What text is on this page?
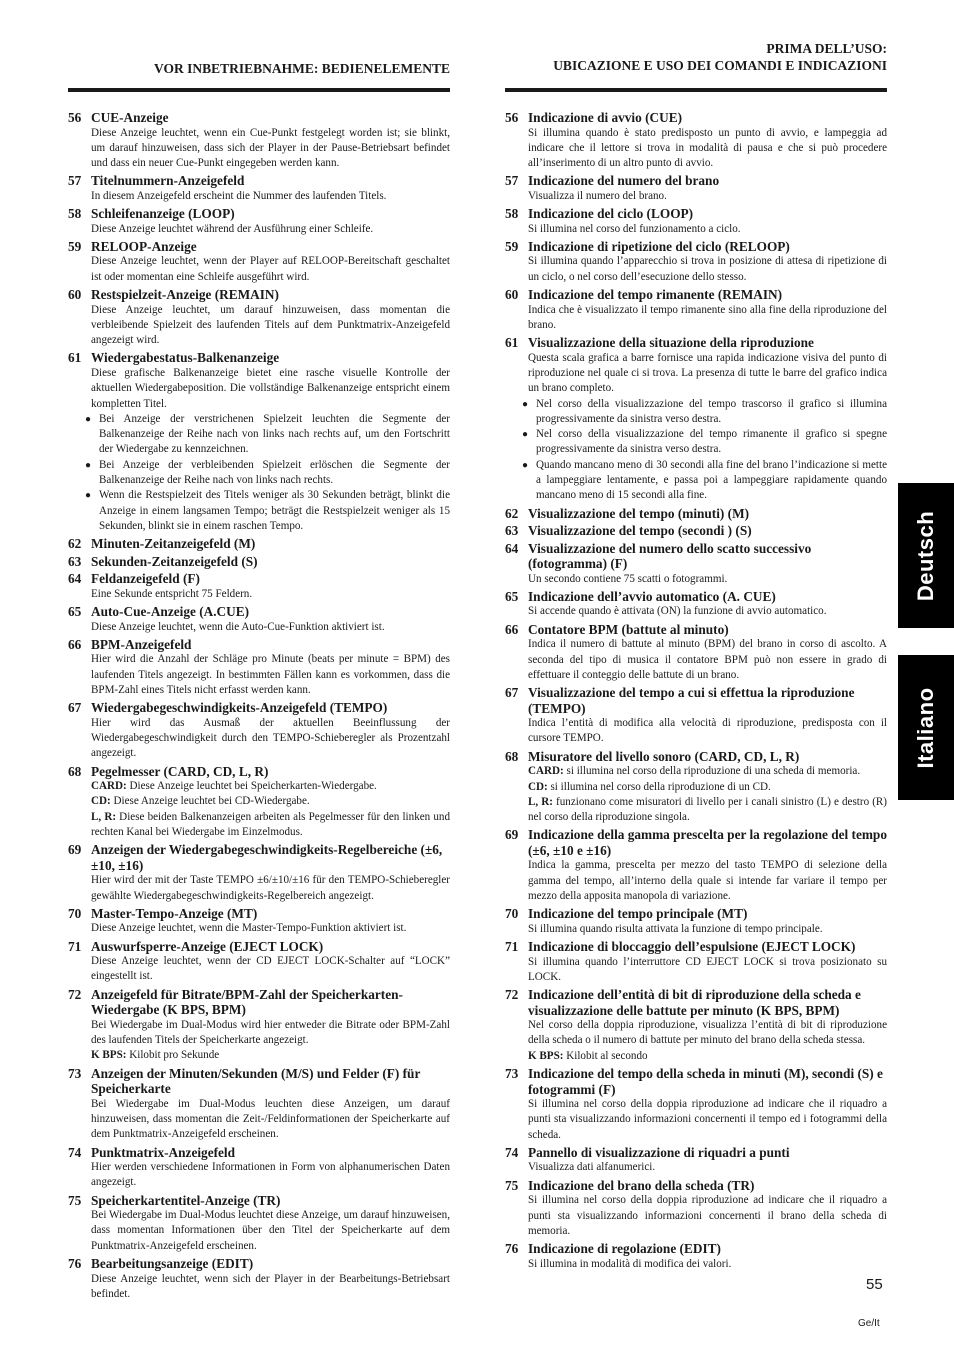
VOR INBETRIEBNAHME: BEDIENELEMENTE
PRIMA DELL’USO:
UBICAZIONE E USO DEI COMANDI E INDICAZIONI
56 CUE-Anzeige
Diese Anzeige leuchtet, wenn ein Cue-Punkt festgelegt worden ist; sie blinkt, um darauf hinzuweisen, dass sich der Player in der Pause-Betriebsart befindet und dass ein neuer Cue-Punkt eingegeben werden kann.
57 Titelnummern-Anzeigefeld
In diesem Anzeigefeld erscheint die Nummer des laufenden Titels.
58 Schleifenanzeige (LOOP)
Diese Anzeige leuchtet während der Ausführung einer Schleife.
59 RELOOP-Anzeige
Diese Anzeige leuchtet, wenn der Player auf RELOOP-Bereitschaft geschaltet ist oder momentan eine Schleife ausgeführt wird.
60 Restspielzeit-Anzeige (REMAIN)
Diese Anzeige leuchtet, um darauf hinzuweisen, dass momentan die verbleibende Spielzeit des laufenden Titels auf dem Punktmatrix-Anzeigefeld angezeigt wird.
61 Wiedergabestatus-Balkenanzeige
Diese grafische Balkenanzeige bietet eine rasche visuelle Kontrolle der aktuellen Wiedergabeposition. Die vollständige Balkenanzeige entspricht einem kompletten Titel.
● Bei Anzeige der verstrichenen Spielzeit leuchten die Segmente der Balkenanzeige der Reihe nach von links nach rechts auf, um den Fortschritt der Wiedergabe zu kennzeichnen.
● Bei Anzeige der verbleibenden Spielzeit erlöschen die Segmente der Balkenanzeige der Reihe nach von links nach rechts.
● Wenn die Restspielzeit des Titels weniger als 30 Sekunden beträgt, blinkt die Anzeige in einem langsamen Tempo; beträgt die Restspielzeit weniger als 15 Sekunden, blinkt sie in einem raschen Tempo.
62 Minuten-Zeitanzeigefeld (M)
63 Sekunden-Zeitanzeigefeld (S)
64 Feldanzeigefeld (F)
Eine Sekunde entspricht 75 Feldern.
65 Auto-Cue-Anzeige (A.CUE)
Diese Anzeige leuchtet, wenn die Auto-Cue-Funktion aktiviert ist.
66 BPM-Anzeigefeld
Hier wird die Anzahl der Schläge pro Minute (beats per minute = BPM) des laufenden Titels angezeigt. In bestimmten Fällen kann es vorkommen, dass die BPM-Zahl eines Titels nicht erfasst werden kann.
67 Wiedergabegeschwindigkeits-Anzeigefeld (TEMPO)
Hier wird das Ausmaß der aktuellen Beeinflussung der Wiedergabegeschwindigkeit durch den TEMPO-Schieberegler als Prozentzahl angezeigt.
68 Pegelmesser (CARD, CD, L, R)
CARD: Diese Anzeige leuchtet bei Speicherkarten-Wiedergabe.
CD: Diese Anzeige leuchtet bei CD-Wiedergabe.
L, R: Diese beiden Balkenanzeigen arbeiten als Pegelmesser für den linken und rechten Kanal bei Wiedergabe im Einzelmodus.
69 Anzeigen der Wiedergabegeschwindigkeits-Regelbereiche (±6, ±10, ±16)
Hier wird der mit der Taste TEMPO ±6/±10/±16 für den TEMPO-Schieberegler gewählte Wiedergabegeschwindigkeits-Regelbereich angezeigt.
70 Master-Tempo-Anzeige (MT)
Diese Anzeige leuchtet, wenn die Master-Tempo-Funktion aktiviert ist.
71 Auswurfsperre-Anzeige (EJECT LOCK)
Diese Anzeige leuchtet, wenn der CD EJECT LOCK-Schalter auf “LOCK” eingestellt ist.
72 Anzeigefeld für Bitrate/BPM-Zahl der Speicherkarten-Wiedergabe (K BPS, BPM)
Bei Wiedergabe im Dual-Modus wird hier entweder die Bitrate oder BPM-Zahl des laufenden Titels der Speicherkarte angezeigt.
K BPS: Kilobit pro Sekunde
73 Anzeigen der Minuten/Sekunden (M/S) und Felder (F) für Speicherkarte
Bei Wiedergabe im Dual-Modus leuchten diese Anzeigen, um darauf hinzuweisen, dass momentan die Zeit-/Feldinformationen der Speicherkarte auf dem Punktmatrix-Anzeigefeld erscheinen.
74 Punktmatrix-Anzeigefeld
Hier werden verschiedene Informationen in Form von alphanumerischen Daten angezeigt.
75 Speicherkartentitel-Anzeige (TR)
Bei Wiedergabe im Dual-Modus leuchtet diese Anzeige, um darauf hinzuweisen, dass momentan Informationen über den Titel der Speicherkarte auf dem Punktmatrix-Anzeigefeld erscheinen.
76 Bearbeitungsanzeige (EDIT)
Diese Anzeige leuchtet, wenn sich der Player in der Bearbeitungs-Betriebsart befindet.
56 Indicazione di avvio (CUE)
Si illumina quando è stato predisposto un punto di avvio, e lampeggia ad indicare che il lettore si trova in modalità di pausa e che si può procedere all’inserimento di un altro punto di avvio.
57 Indicazione del numero del brano
Visualizza il numero del brano.
58 Indicazione del ciclo (LOOP)
Si illumina nel corso del funzionamento a ciclo.
59 Indicazione di ripetizione del ciclo (RELOOP)
Si illumina quando l’apparecchio si trova in posizione di attesa di ripetizione di un ciclo, o nel corso dell’esecuzione dello stesso.
60 Indicazione del tempo rimanente (REMAIN)
Indica che è visualizzato il tempo rimanente sino alla fine della riproduzione del brano.
61 Visualizzazione della situazione della riproduzione
Questa scala grafica a barre fornisce una rapida indicazione visiva del punto di riproduzione nel quale ci si trova. La presenza di tutte le barre del grafico indica un brano completo.
● Nel corso della visualizzazione del tempo trascorso il grafico si illumina progressivamente da sinistra verso destra.
● Nel corso della visualizzazione del tempo rimanente il grafico si spegne progressivamente da sinistra verso destra.
● Quando mancano meno di 30 secondi alla fine del brano l’indicazione si mette a lampeggiare lentamente, e passa poi a lampeggiare rapidamente quando mancano meno di 15 secondi alla fine.
62 Visualizzazione del tempo (minuti) (M)
63 Visualizzazione del tempo (secondi ) (S)
64 Visualizzazione del numero dello scatto successivo (fotogramma) (F)
Un secondo contiene 75 scatti o fotogrammi.
65 Indicazione dell’avvio automatico (A. CUE)
Si accende quando è attivata (ON) la funzione di avvio automatico.
66 Contatore BPM (battute al minuto)
Indica il numero di battute al minuto (BPM) del brano in corso di ascolto. A seconda del tipo di musica il contatore BPM può non essere in grado di effettuare il conteggio delle battute di un brano.
67 Visualizzazione del tempo a cui si effettua la riproduzione (TEMPO)
Indica l’entità di modifica alla velocità di riproduzione, predisposta con il cursore TEMPO.
68 Misuratore del livello sonoro (CARD, CD, L, R)
CARD: si illumina nel corso della riproduzione di una scheda di memoria.
CD: si illumina nel corso della riproduzione di un CD.
L, R: funzionano come misuratori di livello per i canali sinistro (L) e destro (R) nel corso della riproduzione singola.
69 Indicazione della gamma prescelta per la regolazione del tempo (±6, ±10 e ±16)
Indica la gamma, prescelta per mezzo del tasto TEMPO di selezione della gamma del tempo, all’interno della quale si intende far variare il tempo per mezzo della apposita manopola di variazione.
70 Indicazione del tempo principale (MT)
Si illumina quando risulta attivata la funzione di tempo principale.
71 Indicazione di bloccaggio dell’espulsione (EJECT LOCK)
Si illumina quando l’interruttore CD EJECT LOCK si trova posizionato su LOCK.
72 Indicazione dell’entità di bit di riproduzione della scheda e visualizzazione delle battute per minuto (K BPS, BPM)
Nel corso della doppia riproduzione, visualizza l’entità di bit di riproduzione della scheda o il numero di battute per minuto del brano della scheda stessa.
K BPS: Kilobit al secondo
73 Indicazione del tempo della scheda in minuti (M), secondi (S) e fotogrammi (F)
Si illumina nel corso della doppia riproduzione ad indicare che il riquadro a punti sta visualizzando informazioni concernenti il tempo ed i fotogrammi della scheda.
74 Pannello di visualizzazione di riquadri a punti
Visualizza dati alfanumerici.
75 Indicazione del brano della scheda (TR)
Si illumina nel corso della doppia riproduzione ad indicare che il riquadro a punti sta visualizzando informazioni concernenti il brano della scheda di memoria.
76 Indicazione di regolazione (EDIT)
Si illumina in modalità di modifica dei valori.
Deutsch
Italiano
55
Ge/It
